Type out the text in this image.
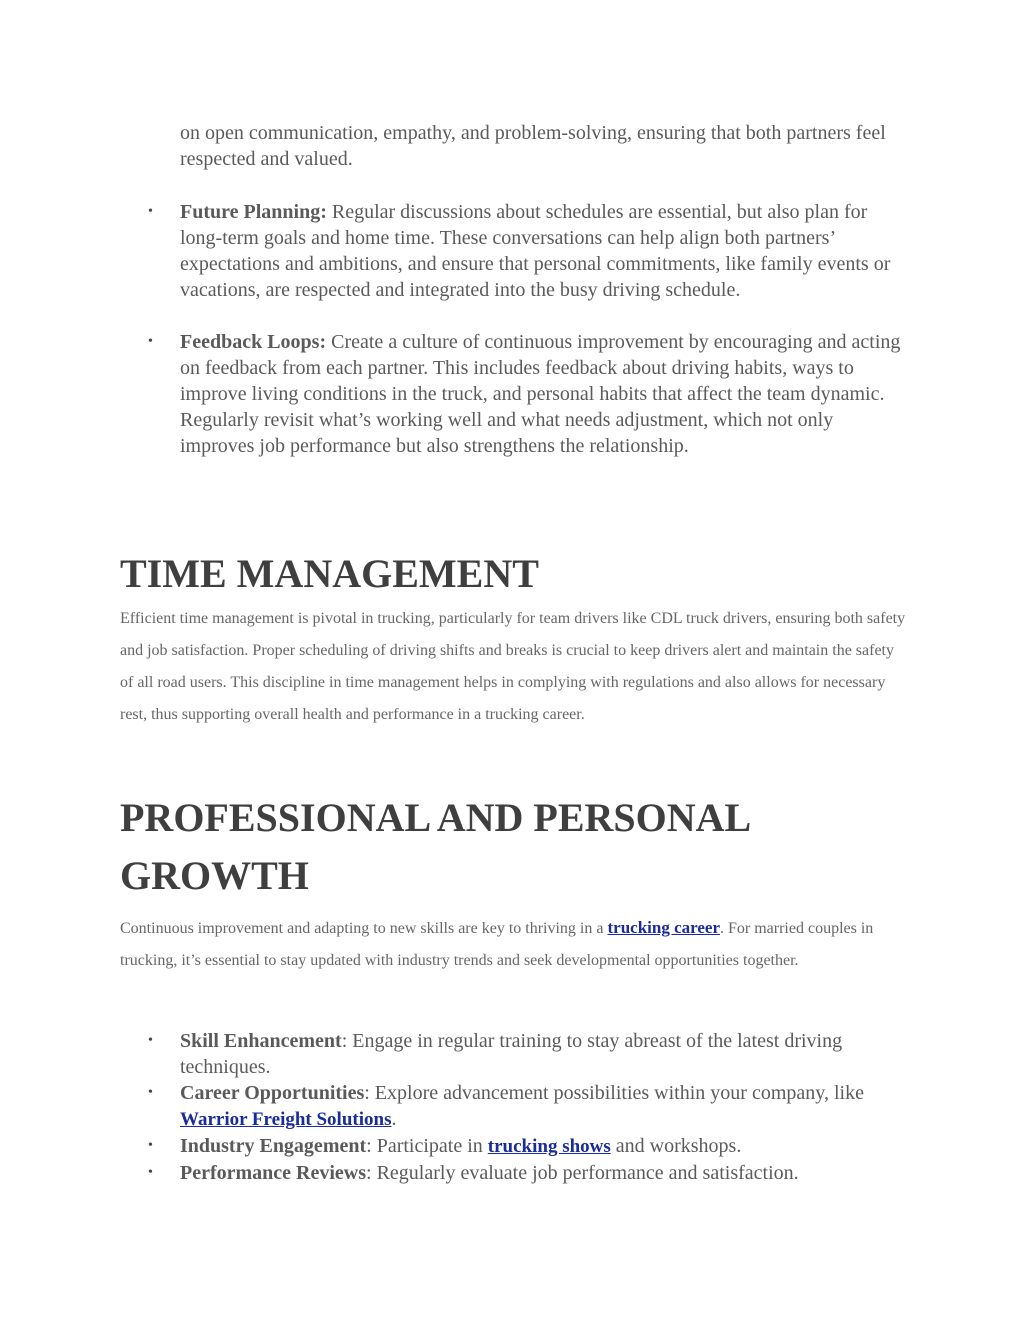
on open communication, empathy, and problem-solving, ensuring that both partners feel respected and valued.

• Future Planning: Regular discussions about schedules are essential, but also plan for long-term goals and home time. These conversations can help align both partners’ expectations and ambitions, and ensure that personal commitments, like family events or vacations, are respected and integrated into the busy driving schedule.
• Feedback Loops: Create a culture of continuous improvement by encouraging and acting on feedback from each partner. This includes feedback about driving habits, ways to improve living conditions in the truck, and personal habits that affect the team dynamic. Regularly revisit what’s working well and what needs adjustment, which not only improves job performance but also strengthens the relationship.
TIME MANAGEMENT

Efficient time management is pivotal in trucking, particularly for team drivers like CDL truck drivers, ensuring both safety and job satisfaction. Proper scheduling of driving shifts and breaks is crucial to keep drivers alert and maintain the safety of all road users. This discipline in time management helps in complying with regulations and also allows for necessary rest, thus supporting overall health and performance in a trucking career.

PROFESSIONAL AND PERSONAL GROWTH

Continuous improvement and adapting to new skills are key to thriving in a trucking career. For married couples in trucking, it’s essential to stay updated with industry trends and seek developmental opportunities together.

• Skill Enhancement: Engage in regular training to stay abreast of the latest driving techniques.
• Career Opportunities: Explore advancement possibilities within your company, like Warrior Freight Solutions.
• Industry Engagement: Participate in trucking shows and workshops.
• Performance Reviews: Regularly evaluate job performance and satisfaction.
